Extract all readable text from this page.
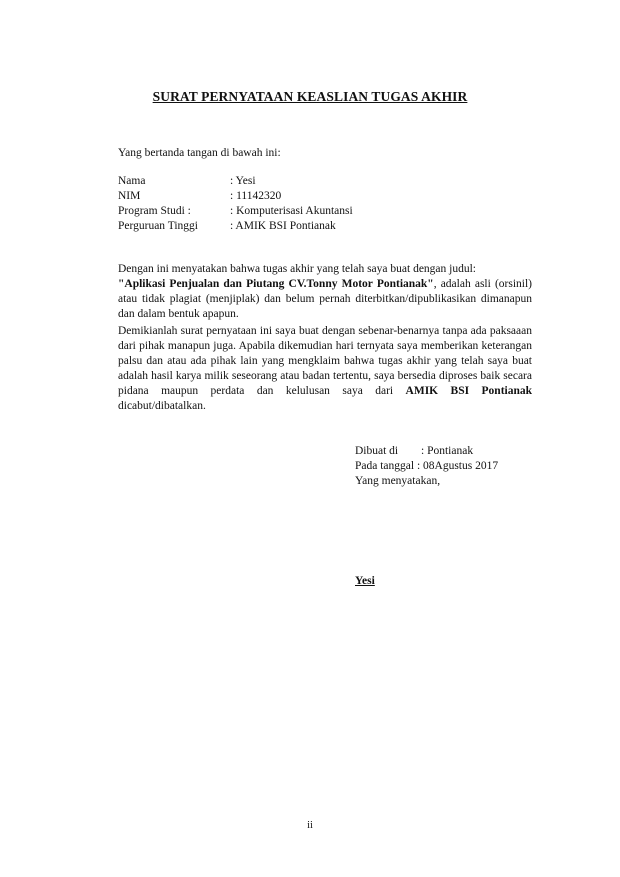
SURAT PERNYATAAN KEASLIAN TUGAS AKHIR
Yang bertanda tangan di bawah ini:
Nama	: Yesi
NIM	: 11142320
Program Studi :	: Komputerisasi Akuntansi
Perguruan Tinggi	: AMIK BSI Pontianak
Dengan ini menyatakan bahwa tugas akhir yang telah saya buat dengan judul:
"Aplikasi Penjualan dan Piutang CV.Tonny Motor Pontianak", adalah asli (orsinil) atau tidak plagiat (menjiplak) dan belum pernah diterbitkan/dipublikasikan dimanapun dan dalam bentuk apapun.
Demikianlah surat pernyataan ini saya buat dengan sebenar-benarnya tanpa ada paksaaan dari pihak manapun juga. Apabila dikemudian hari ternyata saya memberikan keterangan palsu dan atau ada pihak lain yang mengklaim bahwa tugas akhir yang telah saya buat adalah hasil karya milik seseorang atau badan tertentu, saya bersedia diproses baik secara pidana maupun perdata dan kelulusan saya dari AMIK BSI Pontianak dicabut/dibatalkan.
Dibuat di : Pontianak
Pada tanggal : 08Agustus 2017
Yang menyatakan,
Yesi
ii
